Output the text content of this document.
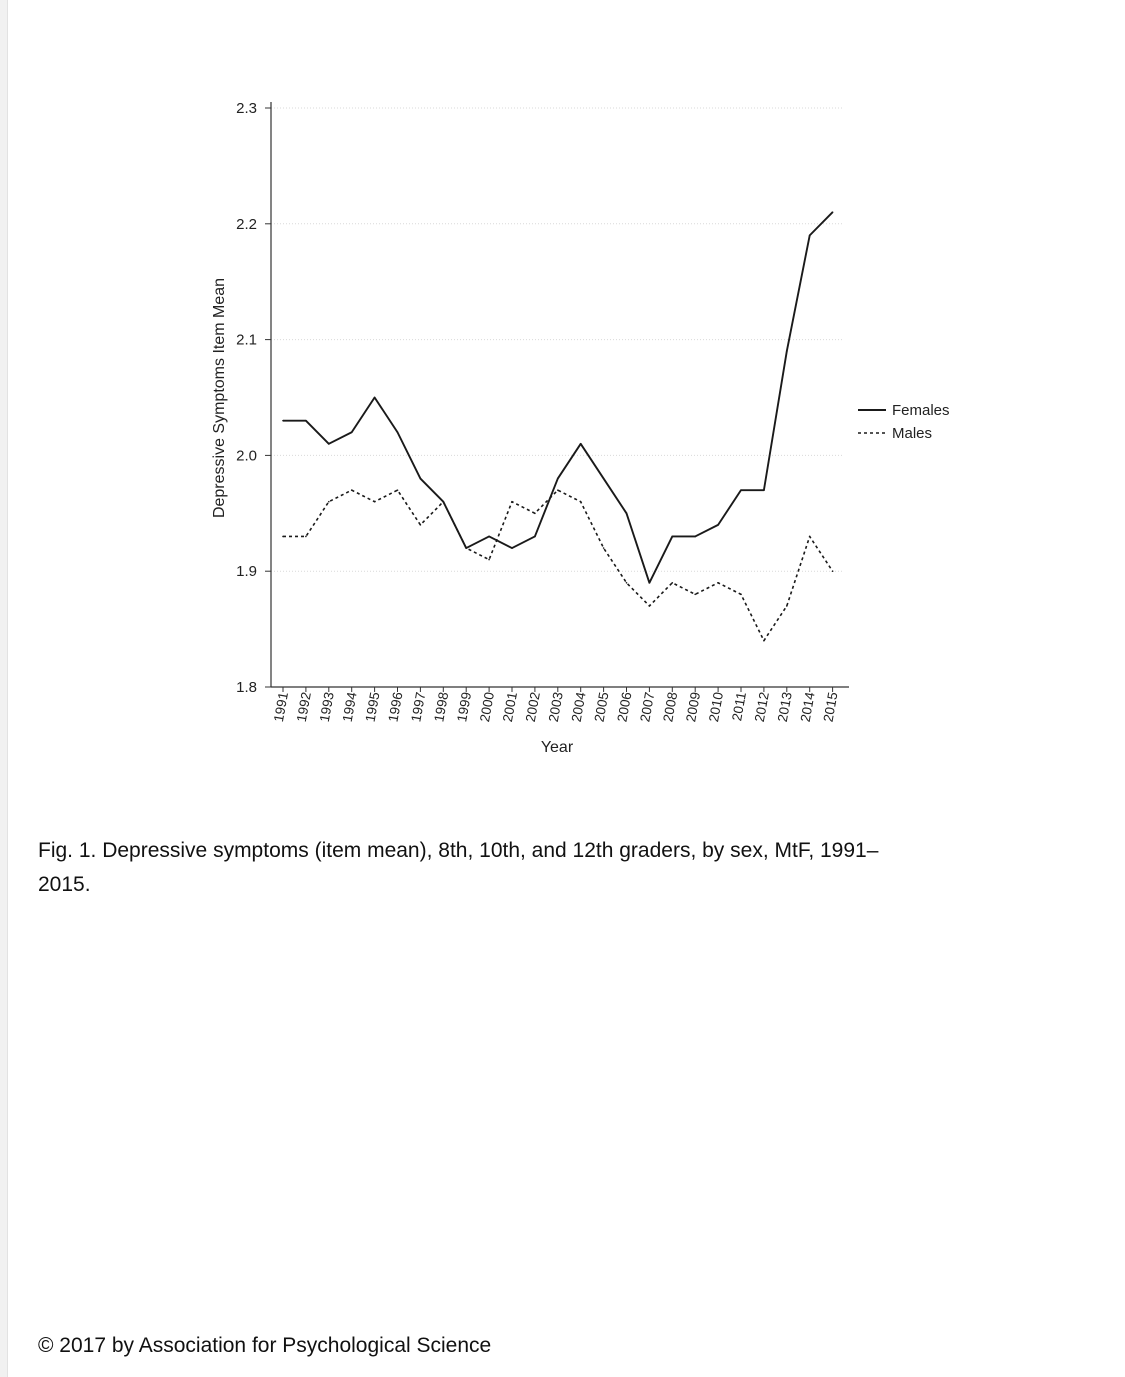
1.8
1.9
2.0
2.1
2.2
2.3
1991 1992 1993 1994 1995 1996 1997 1998 1999 2000 2001 2002 2003 2004 2005 2006 2007 2008 2009 2010 2011 2012 2013 2014 2015
Year
Depressive Symptoms Item Mean	Females
Males
Fig. 1. Depressive symptoms (item mean), 8th, 10th, and 12th graders, by sex, MtF, 1991–2015.
© 2017 by Association for Psychological Science
